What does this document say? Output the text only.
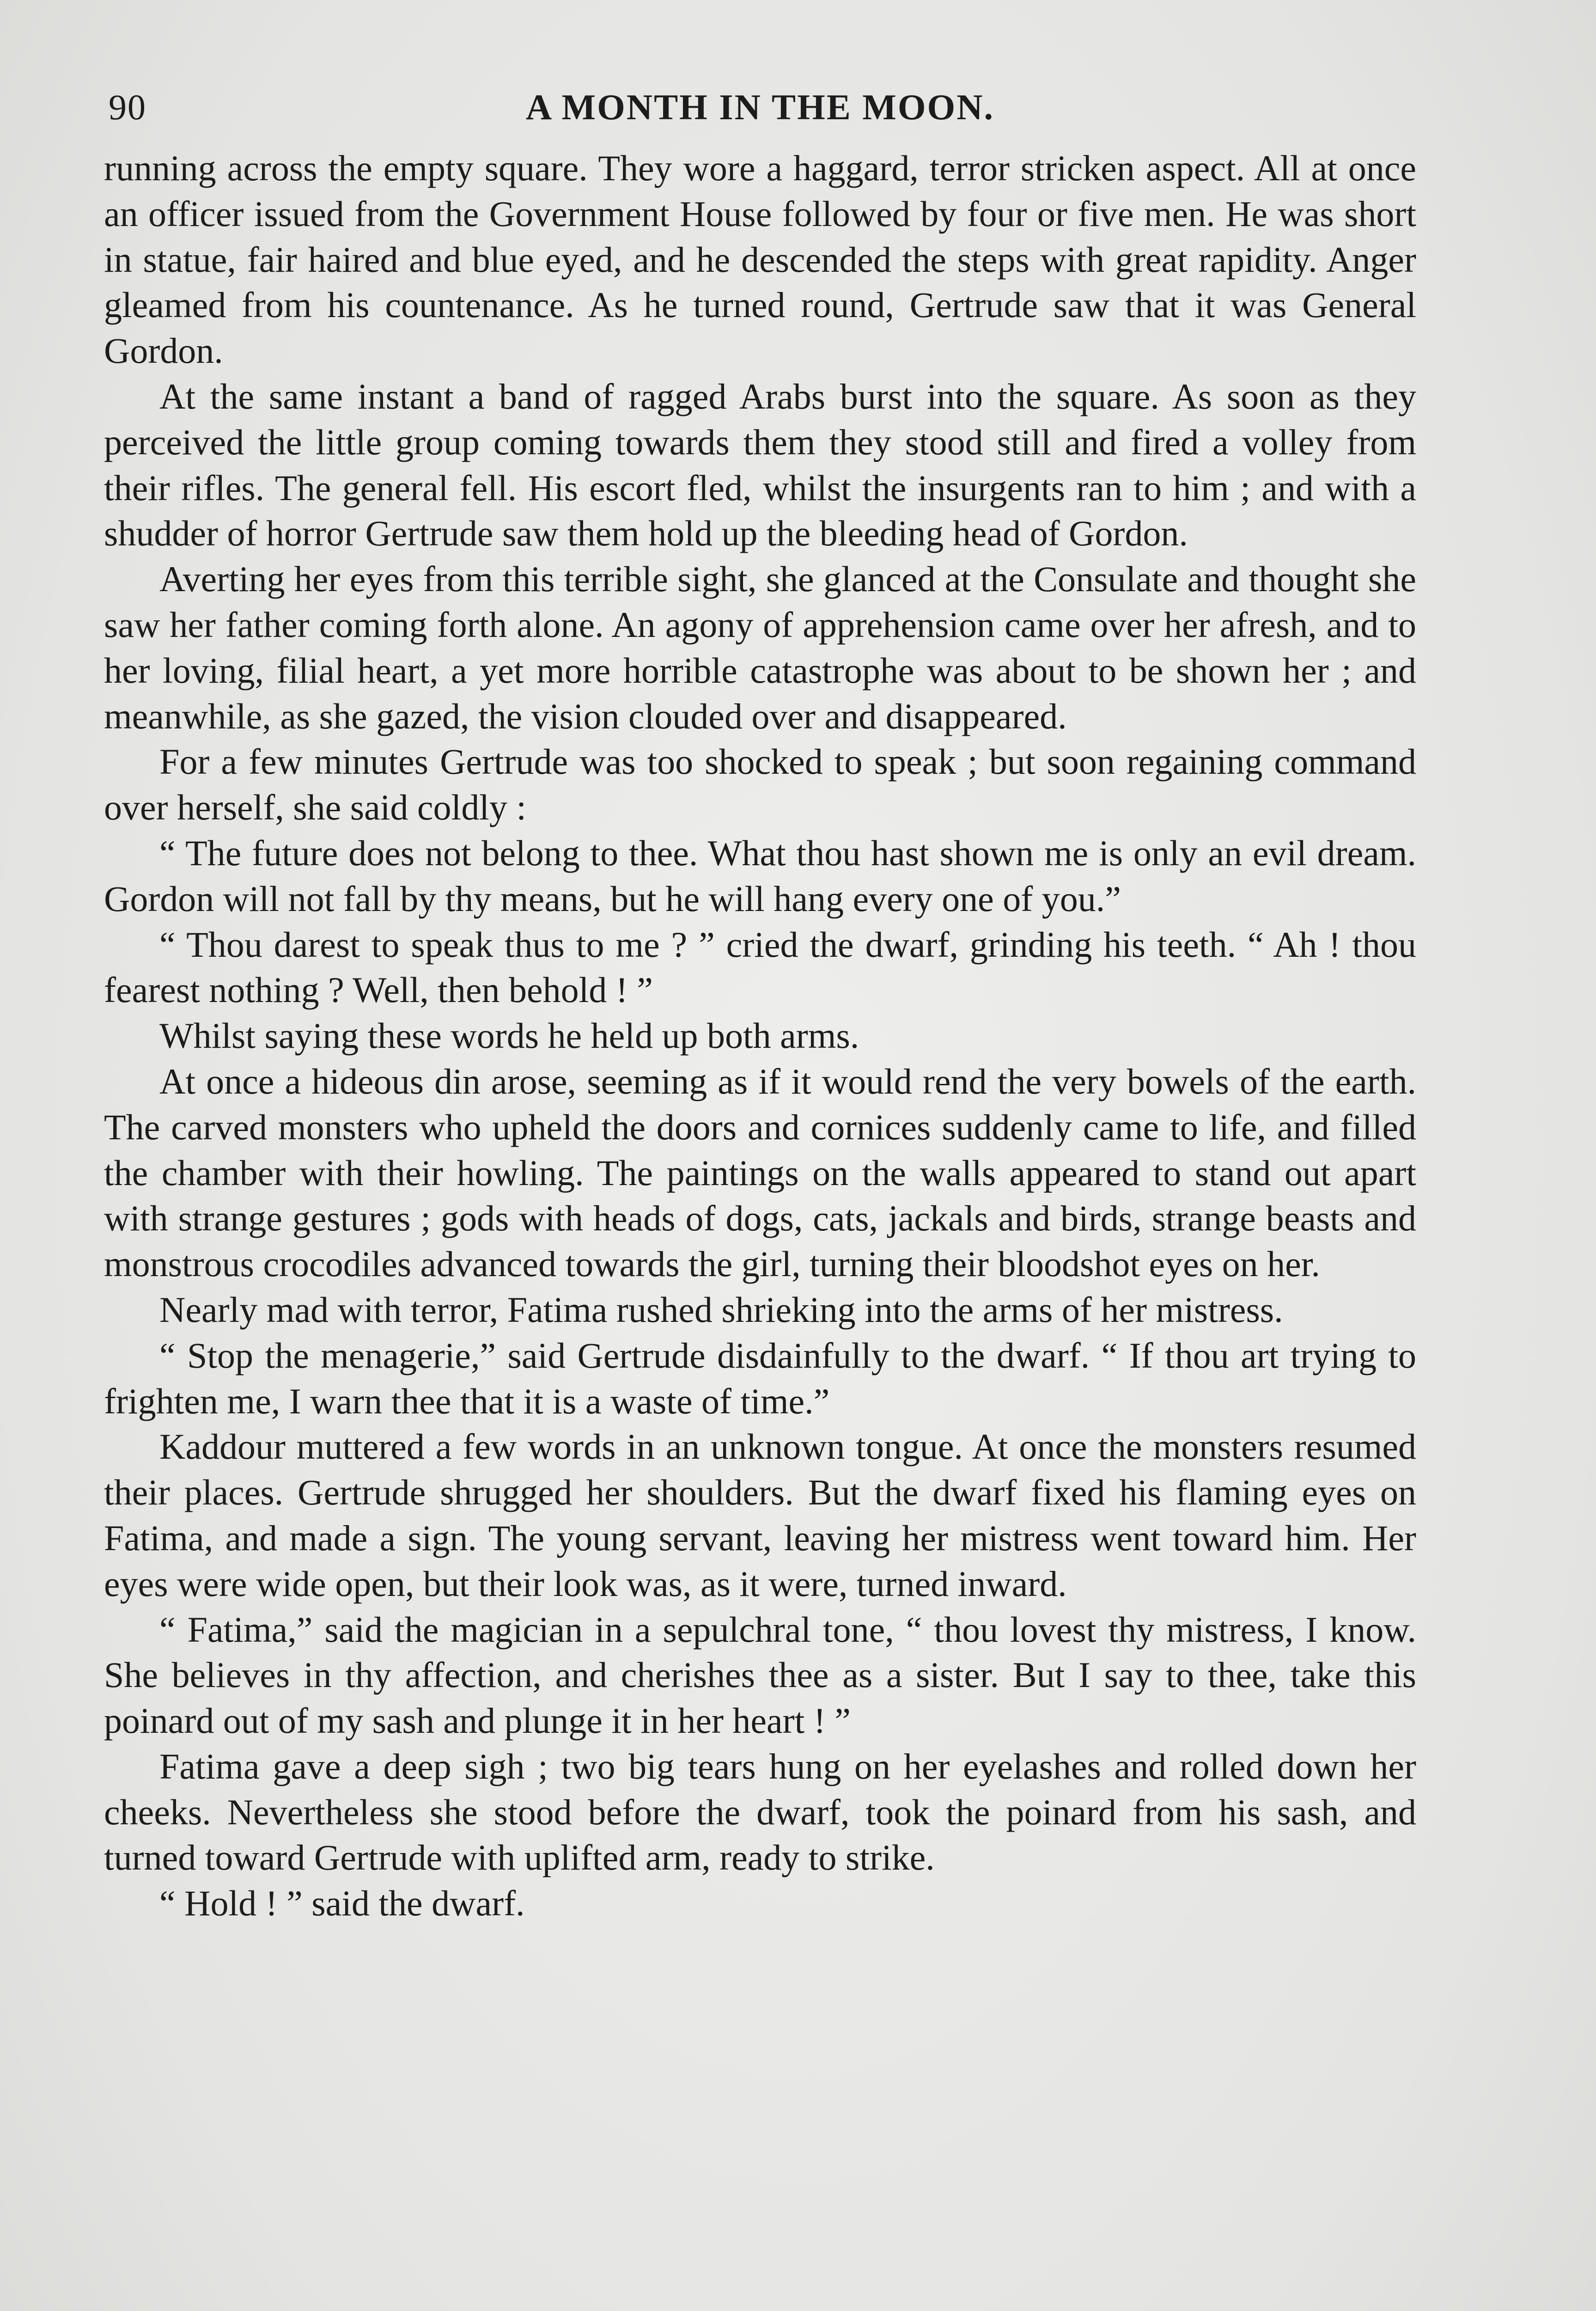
90	A MONTH IN THE MOON.

running across the empty square. They wore a haggard, terror stricken aspect. All at once an officer issued from the Government House followed by four or five men. He was short in statue, fair haired and blue eyed, and he descended the steps with great rapidity. Anger gleamed from his countenance. As he turned round, Gertrude saw that it was General Gordon.

At the same instant a band of ragged Arabs burst into the square. As soon as they perceived the little group coming towards them they stood still and fired a volley from their rifles. The general fell. His escort fled, whilst the insurgents ran to him ; and with a shudder of horror Gertrude saw them hold up the bleeding head of Gordon.

Averting her eyes from this terrible sight, she glanced at the Consulate and thought she saw her father coming forth alone. An agony of apprehension came over her afresh, and to her loving, filial heart, a yet more horrible catastrophe was about to be shown her ; and meanwhile, as she gazed, the vision clouded over and disappeared.

For a few minutes Gertrude was too shocked to speak ; but soon regaining command over herself, she said coldly :

“ The future does not belong to thee. What thou hast shown me is only an evil dream. Gordon will not fall by thy means, but he will hang every one of you.”

“ Thou darest to speak thus to me ? ” cried the dwarf, grinding his teeth. “ Ah ! thou fearest nothing ? Well, then behold ! ”

Whilst saying these words he held up both arms.

At once a hideous din arose, seeming as if it would rend the very bowels of the earth. The carved monsters who upheld the doors and cornices suddenly came to life, and filled the chamber with their howling. The paintings on the walls appeared to stand out apart with strange gestures ; gods with heads of dogs, cats, jackals and birds, strange beasts and monstrous crocodiles advanced towards the girl, turning their bloodshot eyes on her.

Nearly mad with terror, Fatima rushed shrieking into the arms of her mistress.

“ Stop the menagerie,” said Gertrude disdainfully to the dwarf. “ If thou art trying to frighten me, I warn thee that it is a waste of time.”

Kaddour muttered a few words in an unknown tongue. At once the monsters resumed their places. Gertrude shrugged her shoulders. But the dwarf fixed his flaming eyes on Fatima, and made a sign. The young servant, leaving her mistress went toward him. Her eyes were wide open, but their look was, as it were, turned inward.

“ Fatima,” said the magician in a sepulchral tone, “ thou lovest thy mistress, I know. She believes in thy affection, and cherishes thee as a sister. But I say to thee, take this poinard out of my sash and plunge it in her heart ! ”

Fatima gave a deep sigh ; two big tears hung on her eyelashes and rolled down her cheeks. Nevertheless she stood before the dwarf, took the poinard from his sash, and turned toward Gertrude with uplifted arm, ready to strike.

“ Hold ! ” said the dwarf.
